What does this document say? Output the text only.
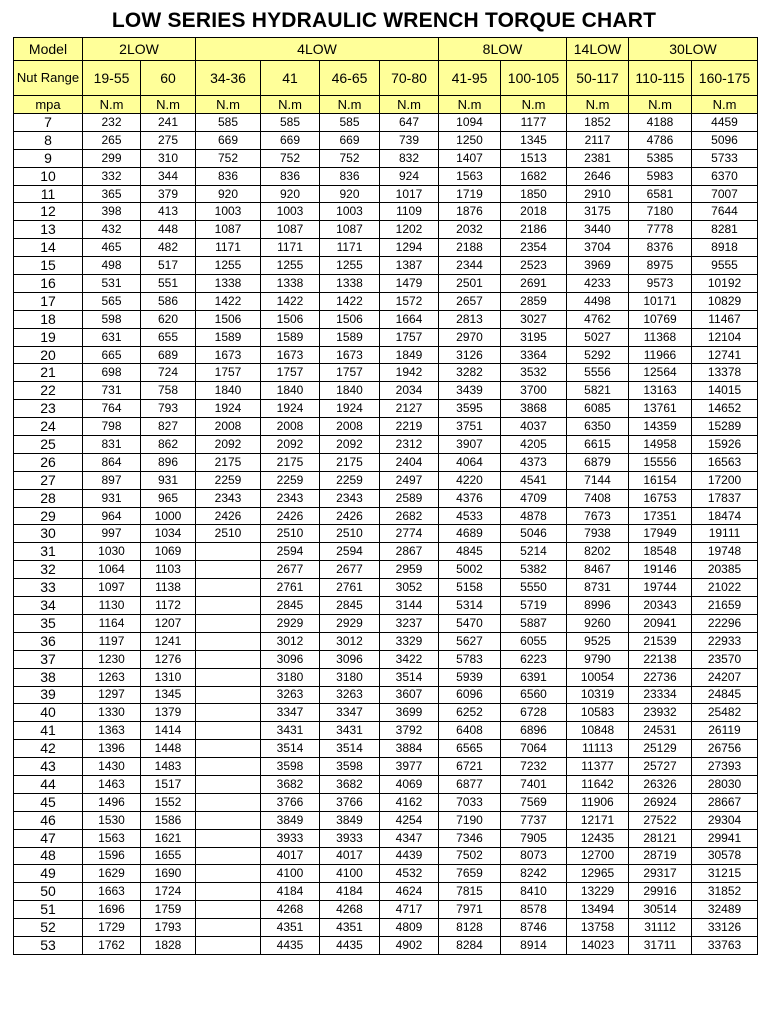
LOW SERIES HYDRAULIC WRENCH TORQUE CHART
Model	2LOW		4LOW				8LOW		14LOW	30LOW	
Nut Range	19-55	60	34-36	41	46-65	70-80	41-95	100-105	50-117	110-115	160-175
mpa	N.m	N.m	N.m	N.m	N.m	N.m	N.m	N.m	N.m	N.m	N.m
7	232	241	585	585	585	647	1094	1177	1852	4188	4459
8	265	275	669	669	669	739	1250	1345	2117	4786	5096
9	299	310	752	752	752	832	1407	1513	2381	5385	5733
10	332	344	836	836	836	924	1563	1682	2646	5983	6370
11	365	379	920	920	920	1017	1719	1850	2910	6581	7007
12	398	413	1003	1003	1003	1109	1876	2018	3175	7180	7644
13	432	448	1087	1087	1087	1202	2032	2186	3440	7778	8281
14	465	482	1171	1171	1171	1294	2188	2354	3704	8376	8918
15	498	517	1255	1255	1255	1387	2344	2523	3969	8975	9555
16	531	551	1338	1338	1338	1479	2501	2691	4233	9573	10192
17	565	586	1422	1422	1422	1572	2657	2859	4498	10171	10829
18	598	620	1506	1506	1506	1664	2813	3027	4762	10769	11467
19	631	655	1589	1589	1589	1757	2970	3195	5027	11368	12104
20	665	689	1673	1673	1673	1849	3126	3364	5292	11966	12741
21	698	724	1757	1757	1757	1942	3282	3532	5556	12564	13378
22	731	758	1840	1840	1840	2034	3439	3700	5821	13163	14015
23	764	793	1924	1924	1924	2127	3595	3868	6085	13761	14652
24	798	827	2008	2008	2008	2219	3751	4037	6350	14359	15289
25	831	862	2092	2092	2092	2312	3907	4205	6615	14958	15926
26	864	896	2175	2175	2175	2404	4064	4373	6879	15556	16563
27	897	931	2259	2259	2259	2497	4220	4541	7144	16154	17200
28	931	965	2343	2343	2343	2589	4376	4709	7408	16753	17837
29	964	1000	2426	2426	2426	2682	4533	4878	7673	17351	18474
30	997	1034	2510	2510	2510	2774	4689	5046	7938	17949	19111
31	1030	1069		2594	2594	2867	4845	5214	8202	18548	19748
32	1064	1103		2677	2677	2959	5002	5382	8467	19146	20385
33	1097	1138		2761	2761	3052	5158	5550	8731	19744	21022
34	1130	1172		2845	2845	3144	5314	5719	8996	20343	21659
35	1164	1207		2929	2929	3237	5470	5887	9260	20941	22296
36	1197	1241		3012	3012	3329	5627	6055	9525	21539	22933
37	1230	1276		3096	3096	3422	5783	6223	9790	22138	23570
38	1263	1310		3180	3180	3514	5939	6391	10054	22736	24207
39	1297	1345		3263	3263	3607	6096	6560	10319	23334	24845
40	1330	1379		3347	3347	3699	6252	6728	10583	23932	25482
41	1363	1414		3431	3431	3792	6408	6896	10848	24531	26119
42	1396	1448		3514	3514	3884	6565	7064	11113	25129	26756
43	1430	1483		3598	3598	3977	6721	7232	11377	25727	27393
44	1463	1517		3682	3682	4069	6877	7401	11642	26326	28030
45	1496	1552		3766	3766	4162	7033	7569	11906	26924	28667
46	1530	1586		3849	3849	4254	7190	7737	12171	27522	29304
47	1563	1621		3933	3933	4347	7346	7905	12435	28121	29941
48	1596	1655		4017	4017	4439	7502	8073	12700	28719	30578
49	1629	1690		4100	4100	4532	7659	8242	12965	29317	31215
50	1663	1724		4184	4184	4624	7815	8410	13229	29916	31852
51	1696	1759		4268	4268	4717	7971	8578	13494	30514	32489
52	1729	1793		4351	4351	4809	8128	8746	13758	31112	33126
53	1762	1828		4435	4435	4902	8284	8914	14023	31711	33763
